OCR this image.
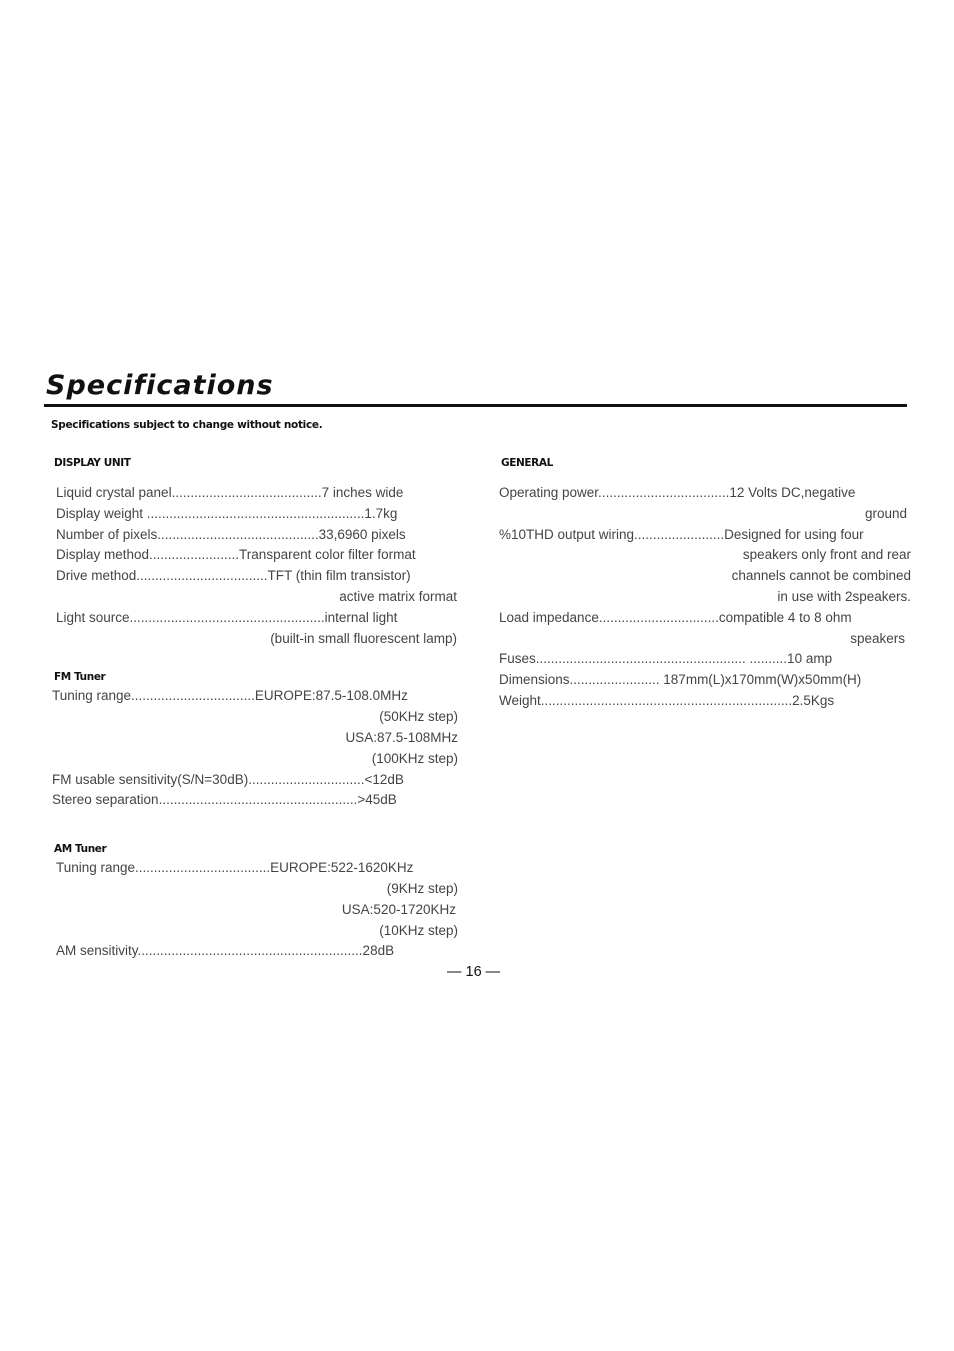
Specifications

Specifications subject to change without notice.

DISPLAY UNIT
Liquid crystal panel........................................7 inches wide
Display weight ..........................................................1.7kg
Number of pixels...........................................33,6960 pixels
Display method........................Transparent color filter format
Drive method...................................TFT (thin film transistor)
active matrix format
Light source....................................................internal light
(built-in small fluorescent lamp)
FM Tuner
Tuning range.................................EUROPE:87.5-108.0MHz
(50KHz step)
USA:87.5-108MHz
(100KHz step)
FM usable sensitivity(S/N=30dB)...............................<12dB
Stereo separation.....................................................>45dB
AM Tuner
Tuning range....................................EUROPE:522-1620KHz
(9KHz step)
USA:520-1720KHz
(10KHz step)
AM sensitivity............................................................28dB
GENERAL
Operating power...................................12 Volts DC,negative
ground
%10THD output wiring........................Designed for using four
speakers only front and rear
channels cannot be combined
in use with 2speakers.
Load impedance................................compatible 4 to 8 ohm
speakers
Fuses........................................................ ..........10 amp
Dimensions........................ 187mm(L)x170mm(W)x50mm(H)
Weight...................................................................2.5Kgs
— 16 —
